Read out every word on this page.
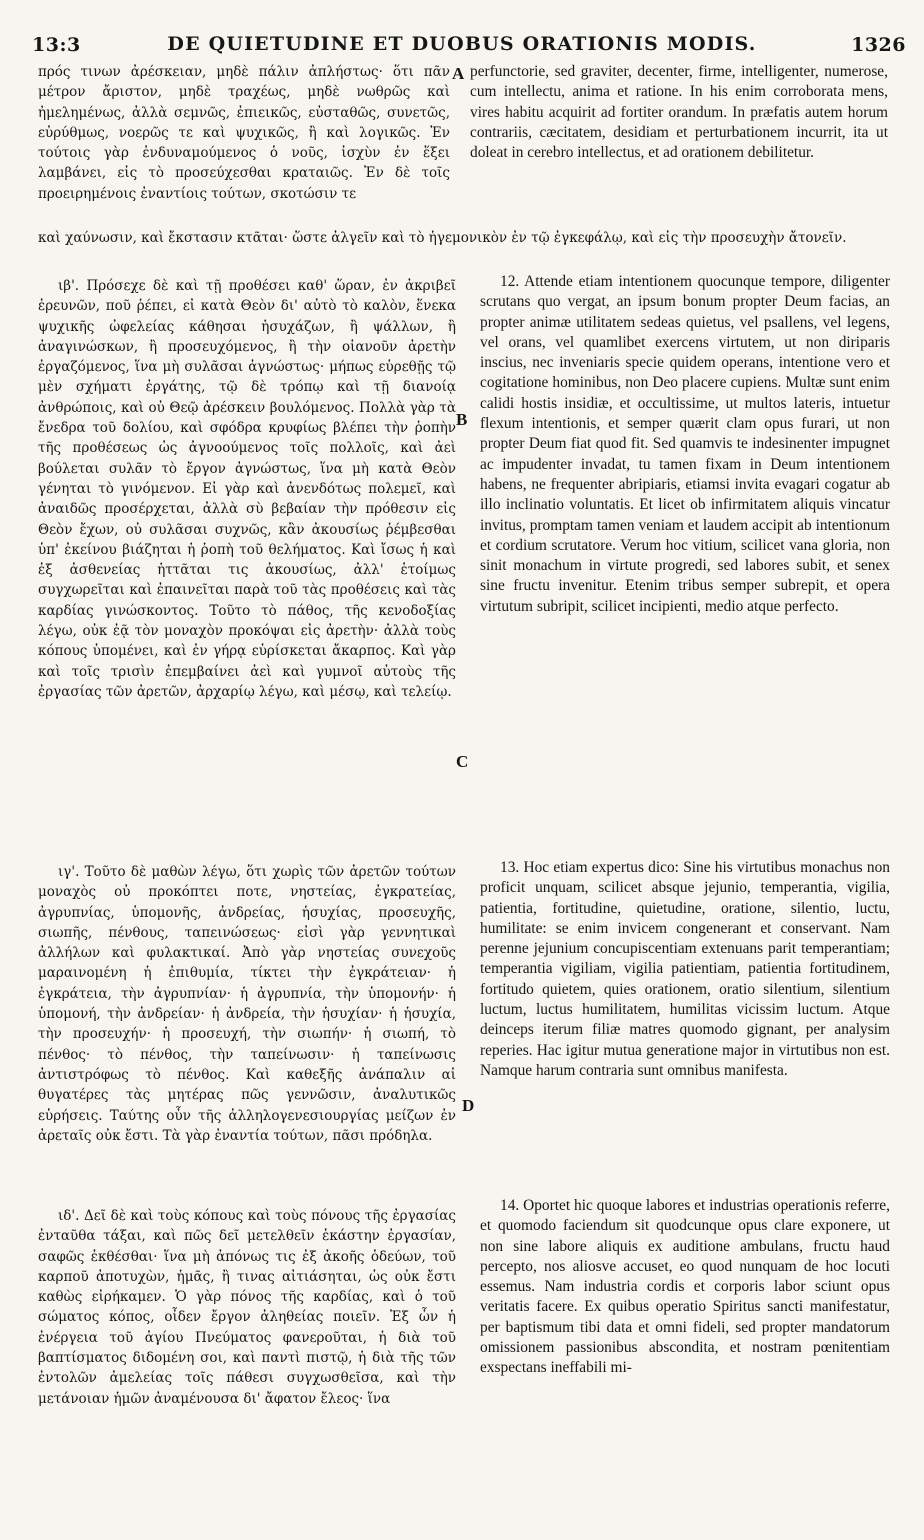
13:3	DE QUIETUDINE ET DUOBUS ORATIONIS MODIS.	1326

πρός τινων ἀρέσκειαν, μηδὲ πάλιν ἀπλήστως· ὅτι πᾶν μέτρον ἄριστον, μηδὲ τραχέως, μηδὲ νωθρῶς καὶ ἠμελημένως, ἀλλὰ σεμνῶς, ἐπιεικῶς, εὐσταθῶς, συνετῶς, εὐρύθμως, νοερῶς τε καὶ ψυχικῶς, ἢ καὶ λογικῶς. Ἐν τούτοις γὰρ ἐνδυναμούμενος ὁ νοῦς, ἰσχὺν ἐν ἕξει λαμβάνει, εἰς τὸ προσεύχεσθαι κραταιῶς. Ἐν δὲ τοῖς προειρημένοις ἐναντίοις τούτων, σκοτώσιν τε

perfunctorie, sed graviter, decenter, firme, intelligenter, numerose, cum intellectu, anima et ratione. In his enim corroborata mens, vires habitu acquirit ad fortiter orandum. In præfatis autem horum contrariis, cæcitatem, desidiam et perturbationem incurrit, ita ut doleat in cerebro intellectus, et ad orationem debilitetur.

καὶ χαύνωσιν, καὶ ἔκστασιν κτᾶται· ὥστε ἀλγεῖν καὶ τὸ ἡγεμονικὸν ἐν τῷ ἐγκεφάλῳ, καὶ εἰς τὴν προσευχὴν ἄτονεῖν.

ιβ'. Πρόσεχε δὲ καὶ τῇ προθέσει καθ' ὥραν, ἐν ἀκριβεῖ ἐρευνῶν, ποῦ ῥέπει, εἰ κατὰ Θεὸν δι' αὐτὸ τὸ καλὸν, ἕνεκα ψυχικῆς ὠφελείας κάθησαι ἡσυχάζων, ἢ ψάλλων, ἢ ἀναγινώσκων, ἢ προσευχόμενος, ἢ τὴν οἱανοῦν ἀρετὴν ἐργαζόμενος, ἵνα μὴ συλᾶσαι ἀγνώστως· μήπως εὑρεθῇς τῷ μὲν σχήματι ἐργάτης, τῷ δὲ τρόπῳ καὶ τῇ διανοίᾳ ἀνθρώποις, καὶ οὐ Θεῷ ἀρέσκειν βουλόμενος. Πολλὰ γὰρ τὰ ἔνεδρα τοῦ δολίου, καὶ σφόδρα κρυφίως βλέπει τὴν ῥοπὴν τῆς προθέσεως ὡς ἀγνοούμενος τοῖς πολλοῖς, καὶ ἀεὶ βούλεται συλᾶν τὸ ἔργον ἀγνώστως, ἵνα μὴ κατὰ Θεὸν γένηται τὸ γινόμενον. Εἰ γὰρ καὶ ἀνενδότως πολεμεῖ, καὶ ἀναιδῶς προσέρχεται, ἀλλὰ σὺ βεβαίαν τὴν πρόθεσιν εἰς Θεὸν ἔχων, οὐ συλᾶσαι συχνῶς, κἂν ἀκουσίως ῥέμβεσθαι ὑπ' ἐκείνου βιάζηται ἡ ῥοπὴ τοῦ θελήματος. Καὶ ἴσως ἡ καὶ ἐξ ἀσθενείας ἡττᾶται τις ἀκουσίως, ἀλλ' ἑτοίμως συγχωρεῖται καὶ ἐπαινεῖται παρὰ τοῦ τὰς προθέσεις καὶ τὰς καρδίας γινώσκοντος. Τοῦτο τὸ πάθος, τῆς κενοδοξίας λέγω, οὐκ ἐᾷ τὸν μοναχὸν προκόψαι εἰς ἀρετὴν· ἀλλὰ τοὺς κόπους ὑπομένει, καὶ ἐν γήρᾳ εὑρίσκεται ἄκαρπος. Καὶ γὰρ καὶ τοῖς τρισὶν ἐπεμβαίνει ἀεὶ καὶ γυμνοῖ αὐτοὺς τῆς ἐργασίας τῶν ἀρετῶν, ἀρχαρίῳ λέγω, καὶ μέσῳ, καὶ τελείῳ.

12. Attende etiam intentionem quocunque tempore, diligenter scrutans quo vergat, an ipsum bonum propter Deum facias, an propter animæ utilitatem sedeas quietus, vel psallens, vel legens, vel orans, vel quamlibet exercens virtutem, ut non diriparis inscius, nec inveniaris specie quidem operans, intentione vero et cogitatione hominibus, non Deo placere cupiens. Multæ sunt enim calidi hostis insidiæ, et occultissime, ut multos lateris, intuetur flexum intentionis, et semper quærit clam opus furari, ut non propter Deum fiat quod fit. Sed quamvis te indesinenter impugnet ac impudenter invadat, tu tamen fixam in Deum intentionem habens, ne frequenter abripiaris, etiamsi invita evagari cogatur ab illo inclinatio voluntatis. Et licet ob infirmitatem aliquis vincatur invitus, promptam tamen veniam et laudem accipit ab intentionum et cordium scrutatore. Verum hoc vitium, scilicet vana gloria, non sinit monachum in virtute progredi, sed labores subit, et senex sine fructu invenitur. Etenim tribus semper subrepit, et opera virtutum subripit, scilicet incipienti, medio atque perfecto.

ιγ'. Τοῦτο δὲ μαθὼν λέγω, ὅτι χωρὶς τῶν ἀρετῶν τούτων μοναχὸς οὐ προκόπτει ποτε, νηστείας, ἐγκρατείας, ἀγρυπνίας, ὑπομονῆς, ἀνδρείας, ἡσυχίας, προσευχῆς, σιωπῆς, πένθους, ταπεινώσεως· εἰσὶ γὰρ γεννητικαὶ ἀλλήλων καὶ φυλακτικαί. Ἀπὸ γὰρ νηστείας συνεχοῦς μαραινομένη ἡ ἐπιθυμία, τίκτει τὴν ἐγκράτειαν· ἡ ἐγκράτεια, τὴν ἀγρυπνίαν· ἡ ἀγρυπνία, τὴν ὑπομονήν· ἡ ὑπομονή, τὴν ἀνδρείαν· ἡ ἀνδρεία, τὴν ἡσυχίαν· ἡ ἡσυχία, τὴν προσευχήν· ἡ προσευχή, τὴν σιωπήν· ἡ σιωπή, τὸ πένθος· τὸ πένθος, τὴν ταπείνωσιν· ἡ ταπείνωσις ἀντιστρόφως τὸ πένθος. Καὶ καθεξῆς ἀνάπαλιν αἱ θυγατέρες τὰς μητέρας πῶς γεννῶσιν, ἀναλυτικῶς εὑρήσεις. Ταύτης οὖν τῆς ἀλληλογενεσιουργίας μείζων ἐν ἀρεταῖς οὐκ ἔστι. Τὰ γὰρ ἐναντία τούτων, πᾶσι πρόδηλα.

13. Hoc etiam expertus dico: Sine his virtutibus monachus non proficit unquam, scilicet absque jejunio, temperantia, vigilia, patientia, fortitudine, quietudine, oratione, silentio, luctu, humilitate: se enim invicem congenerant et conservant. Nam perenne jejunium concupiscentiam extenuans parit temperantiam; temperantia vigiliam, vigilia patientiam, patientia fortitudinem, fortitudo quietem, quies orationem, oratio silentium, silentium luctum, luctus humilitatem, humilitas vicissim luctum. Atque deinceps iterum filiæ matres quomodo gignant, per analysim reperies. Hac igitur mutua generatione major in virtutibus non est. Namque harum contraria sunt omnibus manifesta.

ιδ'. Δεῖ δὲ καὶ τοὺς κόπους καὶ τοὺς πόνους τῆς ἐργασίας ἐνταῦθα τάξαι, καὶ πῶς δεῖ μετελθεῖν ἑκάστην ἐργασίαν, σαφῶς ἐκθέσθαι· ἵνα μὴ ἀπόνως τις ἐξ ἀκοῆς ὁδεύων, τοῦ καρποῦ ἀποτυχὼν, ἡμᾶς, ἢ τινας αἰτιάσηται, ὡς οὐκ ἔστι καθὼς εἰρήκαμεν. Ὁ γὰρ πόνος τῆς καρδίας, καὶ ὁ τοῦ σώματος κόπος, οἶδεν ἔργον ἀληθείας ποιεῖν. Ἐξ ὧν ἡ ἐνέργεια τοῦ ἁγίου Πνεύματος φανεροῦται, ἡ διὰ τοῦ βαπτίσματος διδομένη σοι, καὶ παντὶ πιστῷ, ἡ διὰ τῆς τῶν ἐντολῶν ἀμελείας τοῖς πάθεσι συγχωσθεῖσα, καὶ τὴν μετάνοιαν ἡμῶν ἀναμένουσα δι' ἄφατον ἔλεος· ἵνα

14. Oportet hic quoque labores et industrias operationis referre, et quomodo faciendum sit quodcunque opus clare exponere, ut non sine labore aliquis ex auditione ambulans, fructu haud percepto, nos aliosve accuset, eo quod nunquam de hoc locuti essemus. Nam industria cordis et corporis labor sciunt opus veritatis facere. Ex quibus operatio Spiritus sancti manifestatur, per baptismum tibi data et omni fideli, sed propter mandatorum omissionem passionibus abscondita, et nostram pœnitentiam exspectans ineffabili mi-

A
B
C
D
